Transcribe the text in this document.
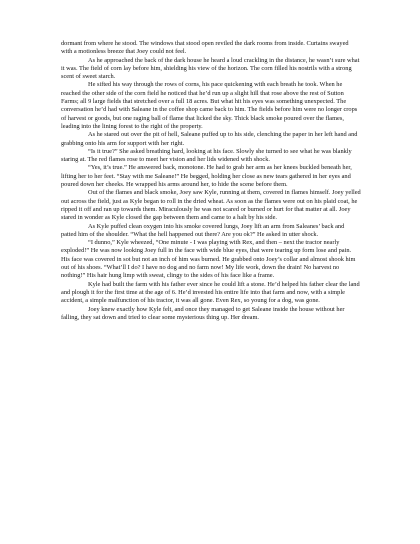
dormant from where he stood. The windows that stood open reviled the dark rooms from inside. Curtains swayed with a motionless breeze that Joey could not feel.

As he approached the back of the dark house he heard a loud crackling in the distance, he wasn’t sure what it was. The field of corn lay before him, shielding his view of the horizon. The corn filled his nostrils with a strong scent of sweet starch.

He sifted his way through the rows of corns, his pace quickening with each breath he took. When he reached the other side of the corn field he noticed that he’d run up a slight hill that rose above the rest of Sutton Farms; all 9 large fields that stretched over a full 18 acres. But what hit his eyes was something unexpected. The conversation he’d had with Saleane in the coffee shop came back to him. The fields before him were no longer crops of harvest or goods, but one raging ball of flame that licked the sky. Thick black smoke poured over the flames, leading into the lining forest to the right of the property.

As he stared out over the pit of hell, Saleane puffed up to his side, clenching the paper in her left hand and grabbing onto his arm for support with her right.

“Is it true?” She asked breathing hard, looking at his face. Slowly she turned to see what he was blankly staring at. The red flames rose to meet her vision and her lids widened with shock.

“Yes, it’s true.” He answered back, monotone. He had to grab her arm as her knees buckled beneath her, lifting her to her feet. “Stay with me Saleane!” He begged, holding her close as new tears gathered in her eyes and poured down her cheeks. He wrapped his arms around her, to hide the scene before them.

Out of the flames and black smoke, Joey saw Kyle, running at them, covered in flames himself. Joey yelled out across the field, just as Kyle began to roll in the dried wheat. As soon as the flames were out on his plaid coat, he ripped it off and ran up towards them. Miraculously he was not scared or burned or hurt for that matter at all. Joey stared in wonder as Kyle closed the gap between them and came to a halt by his side.

As Kyle puffed clean oxygen into his smoke covered lungs, Joey lift an arm from Saleanes’ back and patted him of the shoulder. “What the hell happened out there? Are you ok?” He asked in utter shock.

“I dunno,” Kyle wheezed, “One minute - I was playing with Rex, and then – next the tractor nearly exploded!” He was now looking Joey full in the face with wide blue eyes, that were tearing up form lose and pain. His face was covered in sot but not an inch of him was burned. He grabbed onto Joey’s collar and almost shook him out of his shoes. “What’ll I do? I have no dog and no farm now! My life work, down the drain! No harvest no nothing!” His hair hung limp with sweat, clingy to the sides of his face like a frame.

Kyle had built the farm with his father ever since he could lift a stone. He’d helped his father clear the land and plough it for the first time at the age of 6. He’d invested his entire life into that farm and now, with a simple accident, a simple malfunction of his tractor, it was all gone. Even Rex, so young for a dog, was gone.

Joey knew exactly how Kyle felt, and once they managed to get Saleane inside the house without her falling, they sat down and tried to clear some mysterious thing up. Her dream.
